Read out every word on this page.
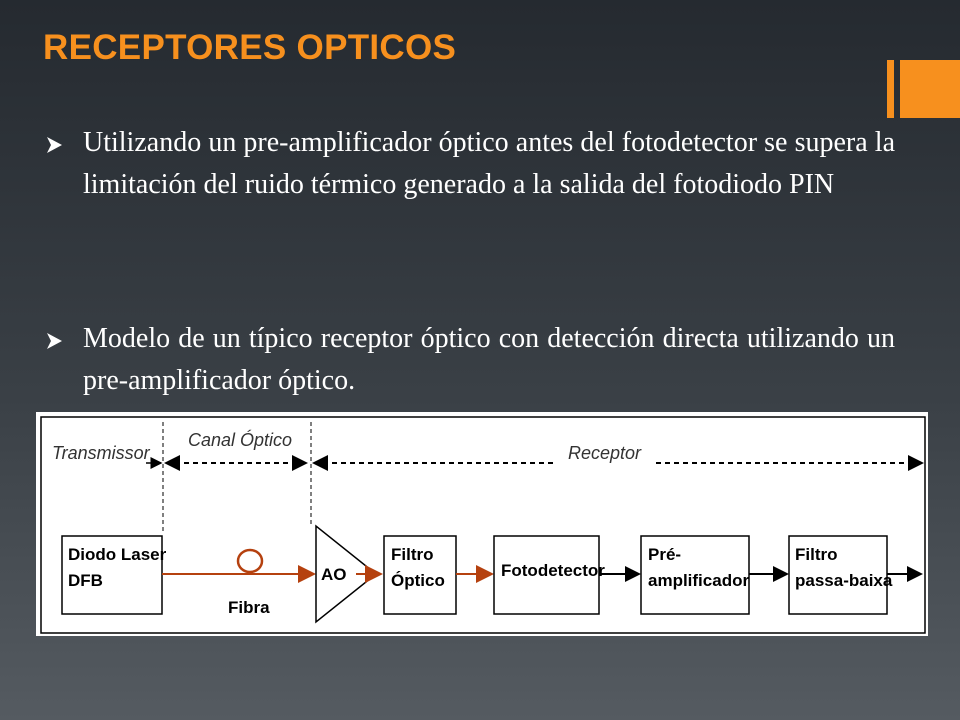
RECEPTORES OPTICOS
Utilizando un pre-amplificador óptico antes del fotodetector se supera la limitación del ruido térmico generado a la salida del fotodiodo PIN
Modelo de un típico receptor óptico con detección directa utilizando un pre-amplificador óptico.
Transmissor
Canal Óptico
Receptor
Diodo Laser
DFB
Fibra
AO
Filtro
Óptico
Fotodetector
Pré-
amplificador
Filtro
passa-baixa
